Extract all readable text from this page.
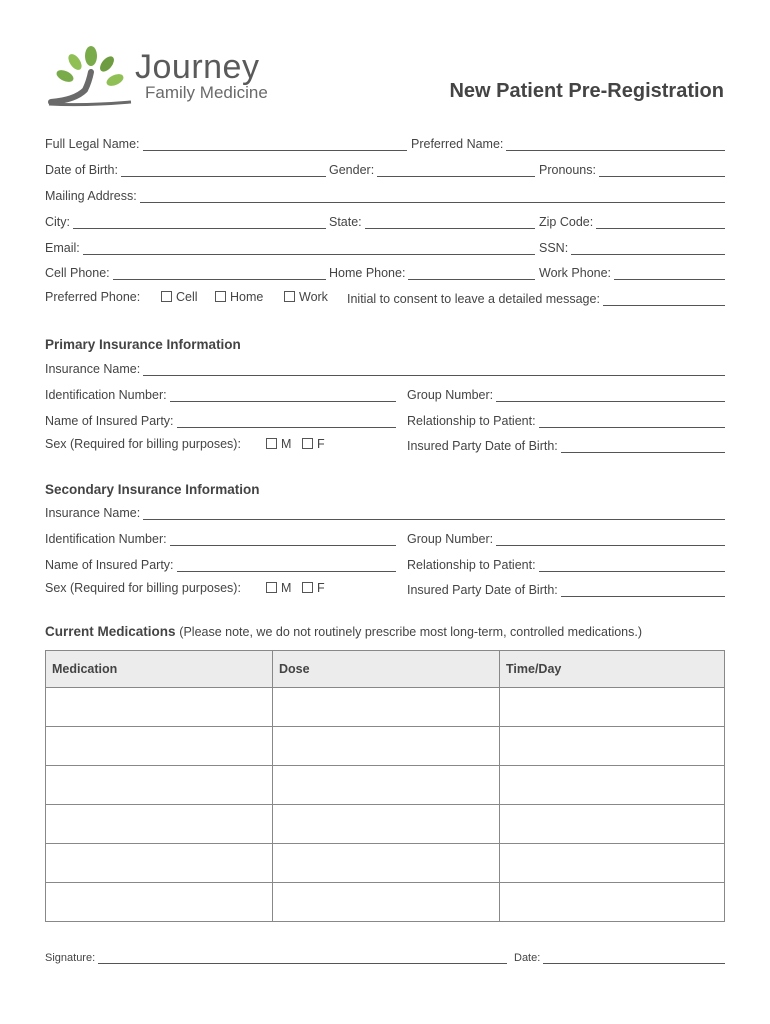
Journey
Family Medicine	New Patient Pre-Registration
Full Legal Name:	Preferred Name:
Date of Birth:	Gender:	Pronouns:
Mailing Address:
City:	State:	Zip Code:
Email:	SSN:
Cell Phone:	Home Phone:	Work Phone:
Preferred Phone:	Cell	Home	Work Initial to consent to leave a detailed message:
Primary Insurance Information
Insurance Name:
Identification Number:	Group Number:
Name of Insured Party:	Relationship to Patient:
Sex (Required for billing purposes):	M	F	Insured Party Date of Birth:
Secondary Insurance Information
Insurance Name:
Identification Number:	Group Number:
Name of Insured Party:	Relationship to Patient:
Sex (Required for billing purposes):	M	F	Insured Party Date of Birth:
Current Medications (Please note, we do not routinely prescribe most long-term, controlled medications.)
Medication	Dose	Time/Day

Signature:	Date:
